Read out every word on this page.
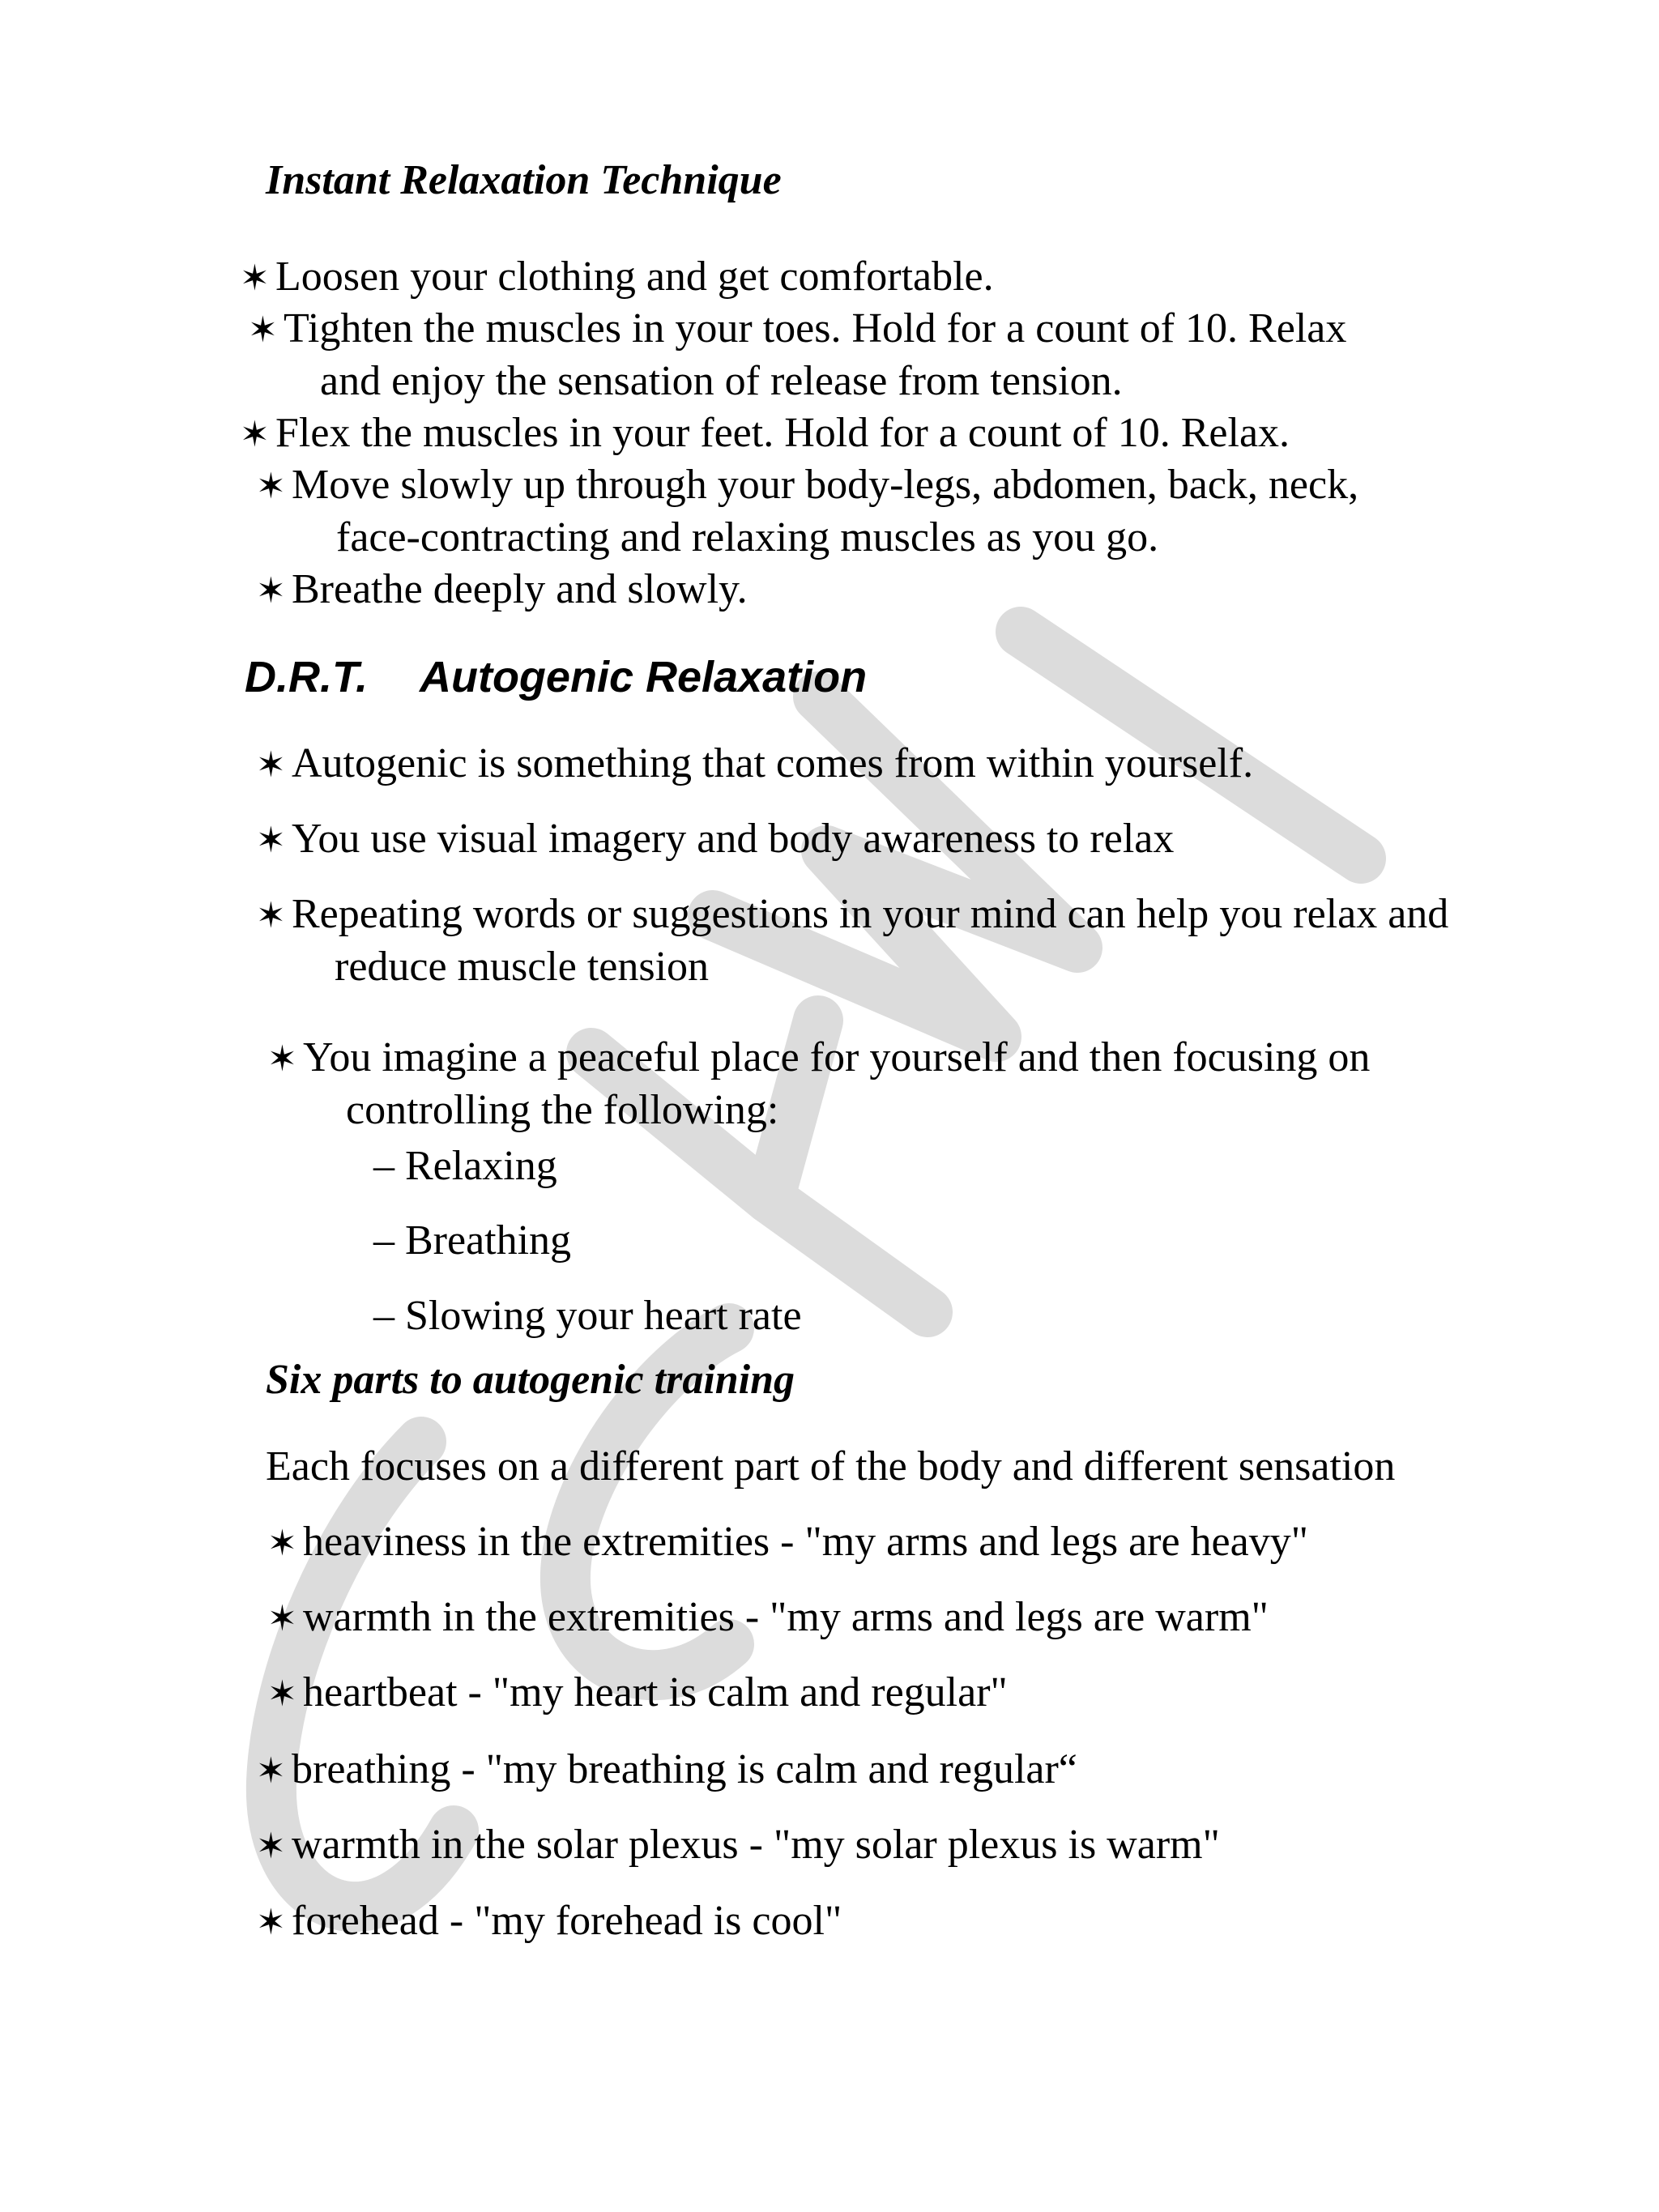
Instant Relaxation Technique
✶ Loosen your clothing and get comfortable.
✶ Tighten the muscles in your toes. Hold for a count of 10. Relax
and enjoy the sensation of release from tension.
✶ Flex the muscles in your feet. Hold for a count of 10. Relax.
✶ Move slowly up through your body-legs, abdomen, back, neck,
face-contracting and relaxing muscles as you go.
✶ Breathe deeply and slowly.
D.R.T. Autogenic Relaxation
✶ Autogenic is something that comes from within yourself.
✶ You use visual imagery and body awareness to relax
✶ Repeating words or suggestions in your mind can help you relax and
reduce muscle tension
✶ You imagine a peaceful place for yourself and then focusing on
controlling the following:
– Relaxing
– Breathing
– Slowing your heart rate
Six parts to autogenic training
Each focuses on a different part of the body and different sensation
✶ heaviness in the extremities - "my arms and legs are heavy"
✶ warmth in the extremities - "my arms and legs are warm"
✶ heartbeat - "my heart is calm and regular"
✶ breathing - "my breathing is calm and regular“
✶ warmth in the solar plexus - "my solar plexus is warm"
✶ forehead - "my forehead is cool"
